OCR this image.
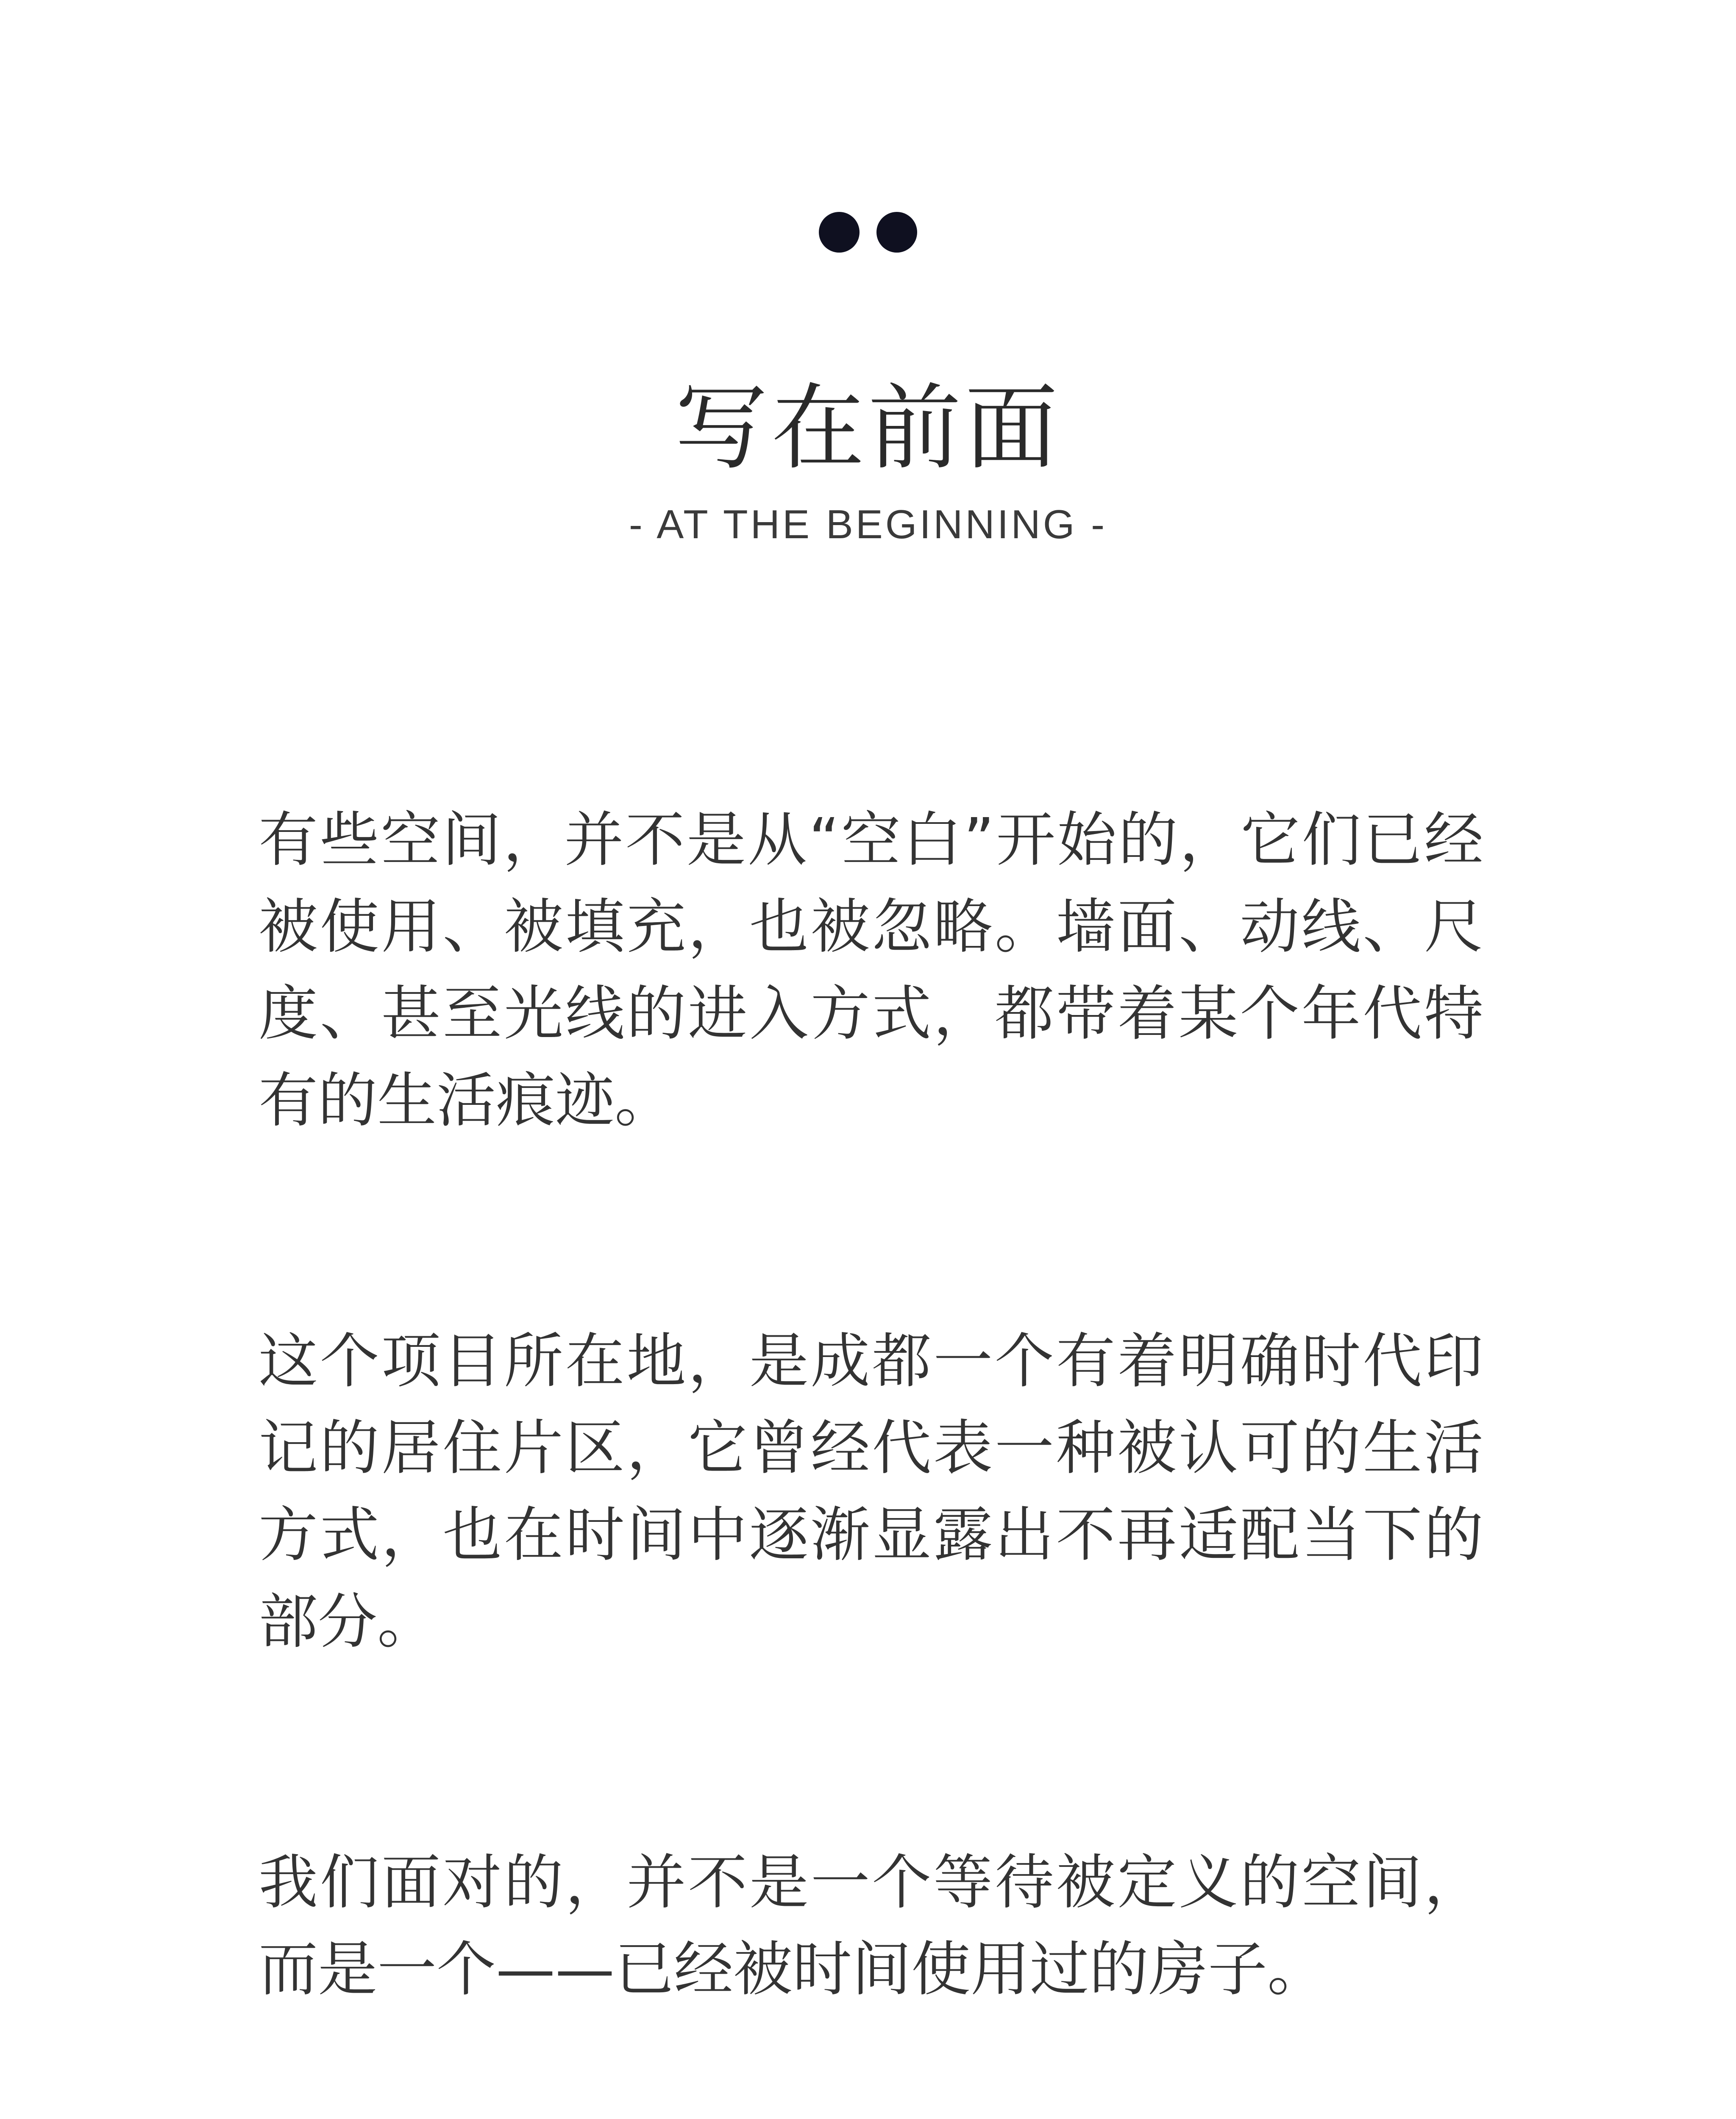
写在前面
- AT THE BEGINNING -

有些空间，并不是从“空白”开始的，它们已经被使用、被填充，也被忽略。墙面、动线、尺度、甚至光线的进入方式，都带着某个年代特有的生活痕迹。

这个项目所在地，是成都一个有着明确时代印记的居住片区，它曾经代表一种被认可的生活方式，也在时间中逐渐显露出不再适配当下的部分。

我们面对的，并不是一个等待被定义的空间，而是一个——已经被时间使用过的房子。
